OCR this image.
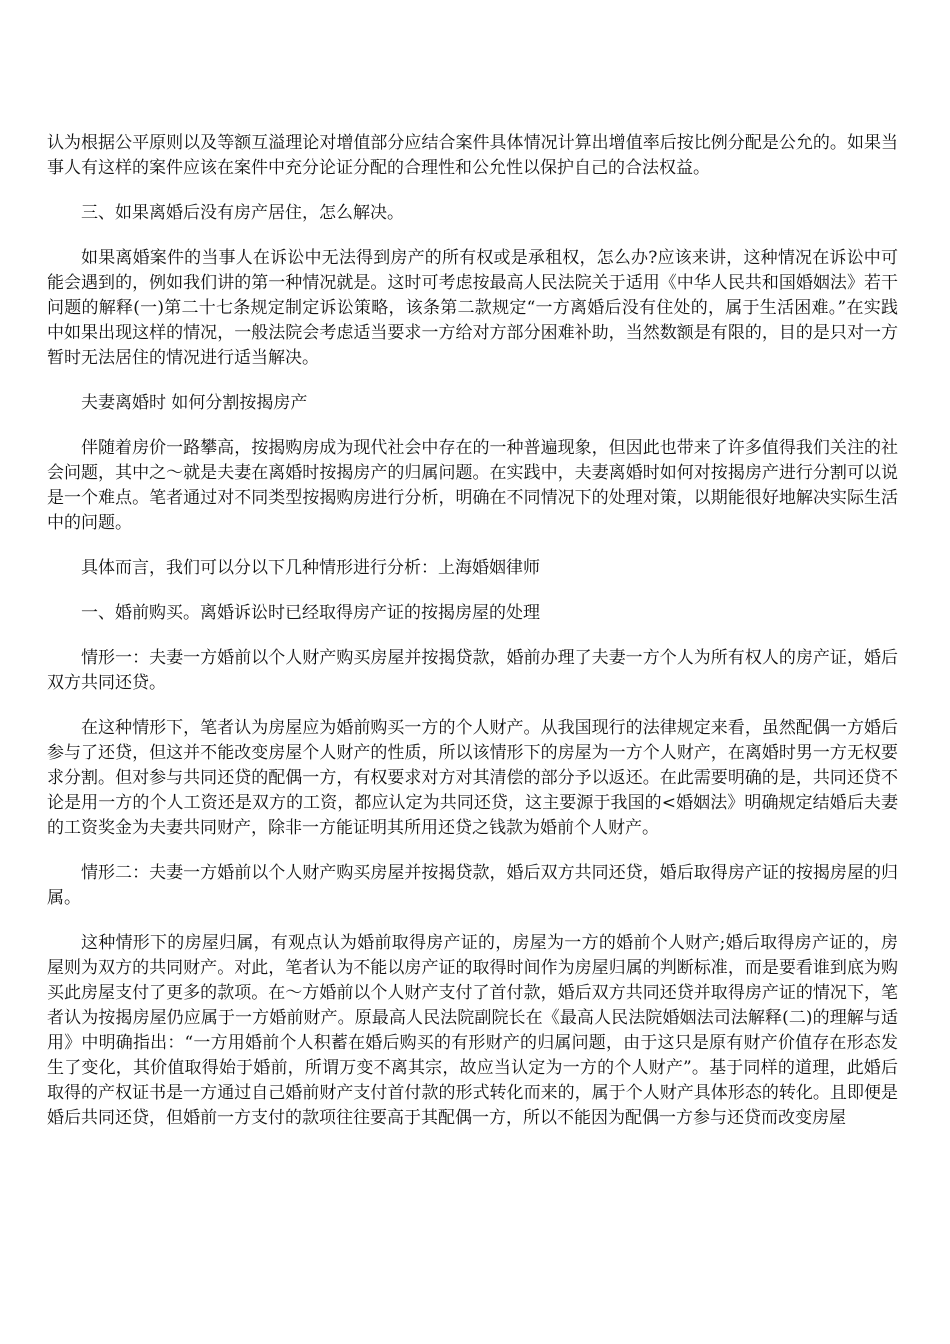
认为根据公平原则以及等额互溢理论对增值部分应结合案件具体情况计算出增值率后按比例分配是公允的。如果当事人有这样的案件应该在案件中充分论证分配的合理性和公允性以保护自己的合法权益。

三、如果离婚后没有房产居住，怎么解决。

如果离婚案件的当事人在诉讼中无法得到房产的所有权或是承租权，怎么办?应该来讲，这种情况在诉讼中可能会遇到的，例如我们讲的第一种情况就是。这时可考虑按最高人民法院关于适用《中华人民共和国婚姻法》若干问题的解释(一)第二十七条规定制定诉讼策略，该条第二款规定“一方离婚后没有住处的，属于生活困难。”在实践中如果出现这样的情况，一般法院会考虑适当要求一方给对方部分困难补助，当然数额是有限的，目的是只对一方暂时无法居住的情况进行适当解决。

夫妻离婚时 如何分割按揭房产

伴随着房价一路攀高，按揭购房成为现代社会中存在的一种普遍现象，但因此也带来了许多值得我们关注的社会问题，其中之～就是夫妻在离婚时按揭房产的归属问题。在实践中，夫妻离婚时如何对按揭房产进行分割可以说是一个难点。笔者通过对不同类型按揭购房进行分析，明确在不同情况下的处理对策，以期能很好地解决实际生活中的问题。

具体而言，我们可以分以下几种情形进行分析：上海婚姻律师

一、婚前购买。离婚诉讼时已经取得房产证的按揭房屋的处理

情形一：夫妻一方婚前以个人财产购买房屋并按揭贷款，婚前办理了夫妻一方个人为所有权人的房产证，婚后双方共同还贷。

在这种情形下，笔者认为房屋应为婚前购买一方的个人财产。从我国现行的法律规定来看，虽然配偶一方婚后参与了还贷，但这并不能改变房屋个人财产的性质，所以该情形下的房屋为一方个人财产，在离婚时男一方无权要求分割。但对参与共同还贷的配偶一方，有权要求对方对其清偿的部分予以返还。在此需要明确的是，共同还贷不论是用一方的个人工资还是双方的工资，都应认定为共同还贷，这主要源于我国的<婚姻法》明确规定结婚后夫妻的工资奖金为夫妻共同财产，除非一方能证明其所用还贷之钱款为婚前个人财产。

情形二：夫妻一方婚前以个人财产购买房屋并按揭贷款，婚后双方共同还贷，婚后取得房产证的按揭房屋的归属。

这种情形下的房屋归属，有观点认为婚前取得房产证的，房屋为一方的婚前个人财产;婚后取得房产证的，房屋则为双方的共同财产。对此，笔者认为不能以房产证的取得时间作为房屋归属的判断标准，而是要看谁到底为购买此房屋支付了更多的款项。在～方婚前以个人财产支付了首付款，婚后双方共同还贷并取得房产证的情况下，笔者认为按揭房屋仍应属于一方婚前财产。原最高人民法院副院长在《最高人民法院婚姻法司法解释(二)的理解与适用》中明确指出：“一方用婚前个人积蓄在婚后购买的有形财产的归属问题，由于这只是原有财产价值存在形态发生了变化，其价值取得始于婚前，所谓万变不离其宗，故应当认定为一方的个人财产”。基于同样的道理，此婚后取得的产权证书是一方通过自己婚前财产支付首付款的形式转化而来的，属于个人财产具体形态的转化。且即便是婚后共同还贷，但婚前一方支付的款项往往要高于其配偶一方，所以不能因为配偶一方参与还贷而改变房屋
